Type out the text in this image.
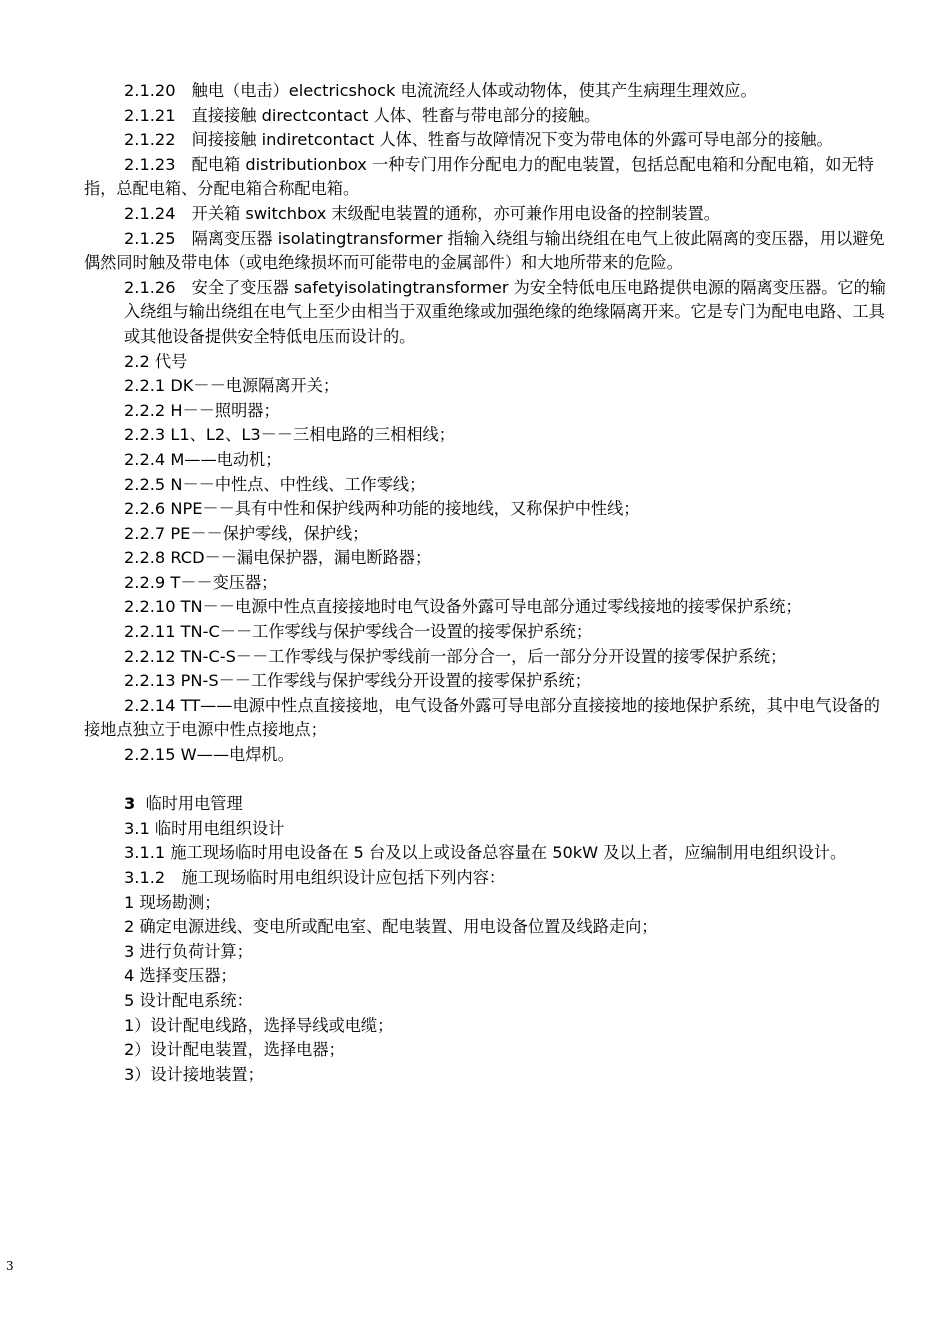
2.1.20　触电（电击）electricshock 电流流经人体或动物体，使其产生病理生理效应。

2.1.21　直接接触 directcontact 人体、牲畜与带电部分的接触。

2.1.22　间接接触 indiretcontact 人体、牲畜与故障情况下变为带电体的外露可导电部分的接触。

2.1.23　配电箱 distributionbox 一种专门用作分配电力的配电装置，包括总配电箱和分配电箱，如无特指，总配电箱、分配电箱合称配电箱。

2.1.24　开关箱 switchbox 末级配电装置的通称，亦可兼作用电设备的控制装置。

2.1.25　隔离变压器 isolatingtransformer 指输入绕组与输出绕组在电气上彼此隔离的变压器，用以避免偶然同时触及带电体（或电绝缘损坏而可能带电的金属部件）和大地所带来的危险。

2.1.26　安全了变压器 safetyisolatingtransformer 为安全特低电压电路提供电源的隔离变压器。它的输入绕组与输出绕组在电气上至少由相当于双重绝缘或加强绝缘的绝缘隔离开来。它是专门为配电电路、工具或其他设备提供安全特低电压而设计的。

2.2 代号

2.2.1 DK－－电源隔离开关；

2.2.2 H－－照明器；

2.2.3 L1、L2、L3－－三相电路的三相相线；

2.2.4 M——电动机；

2.2.5 N－－中性点、中性线、工作零线；

2.2.6 NPE－－具有中性和保护线两种功能的接地线，又称保护中性线；

2.2.7 PE－－保护零线，保护线；

2.2.8 RCD－－漏电保护器，漏电断路器；

2.2.9 T－－变压器；

2.2.10 TN－－电源中性点直接接地时电气设备外露可导电部分通过零线接地的接零保护系统；

2.2.11 TN-C－－工作零线与保护零线合一设置的接零保护系统；

2.2.12 TN-C-S－－工作零线与保护零线前一部分合一，后一部分分开设置的接零保护系统；

2.2.13 PN-S－－工作零线与保护零线分开设置的接零保护系统；

2.2.14 TT——电源中性点直接接地，电气设备外露可导电部分直接接地的接地保护系统，其中电气设备的接地点独立于电源中性点接地点；

2.2.15 W——电焊机。

3 临时用电管理

3.1 临时用电组织设计

3.1.1 施工现场临时用电设备在 5 台及以上或设备总容量在 50kW 及以上者，应编制用电组织设计。

3.1.2　施工现场临时用电组织设计应包括下列内容：

1 现场勘测；

2 确定电源进线、变电所或配电室、配电装置、用电设备位置及线路走向；

3 进行负荷计算；

4 选择变压器；

5 设计配电系统：

1）设计配电线路，选择导线或电缆；

2）设计配电装置，选择电器；

3）设计接地装置；

3
